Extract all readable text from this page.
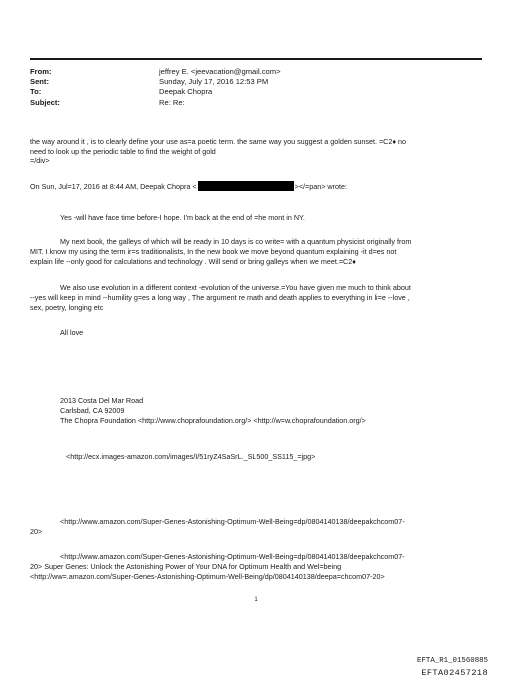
From:	jeffrey E. <jeevacation@gmail.com>
Sent:	Sunday, July 17, 2016 12:53 PM
To:	Deepak Chopra
Subject:	Re: Re:

the way around it , is to clearly define your use as=a poetic term. the same way you suggest a golden sunset. =C2♦ no

need to look up the periodic table to find the weight of gold

=/div>

On Sun, Jul=17, 2016 at 8:44 AM, Deepak Chopra <	></=pan> wrote:

Yes -will have face time before-I hope. I'm back at the end of =he mont in NY.

My next book, the galleys of which will be ready in 10 days is co write= with a quantum physicist originally from

MIT. I know my using the term ir=s traditionalists, In the new book we move beyond quantum explaining -it d=es not

explain life --only good for calculations and technology . Will send or bring galleys when we meet.=C2♦

We also use evolution in a different context -evolution of the universe.=You have given me much to think about

--yes will keep in mind --humility g=es a long way , The argument re math and death applies to everything in li=e --love ,

sex, poetry, longing etc

All love

2013 Costa Del Mar Road

Carlsbad, CA 92009

The Chopra Foundation <http://www.choprafoundation.org/> <http://w=w.choprafoundation.org/>

<http://ecx.images-amazon.com/images/I/51ryZ4SaSrL._SL500_SS115_=jpg>

<http://www.amazon.com/Super-Genes-Astonishing-Optimum-Well-Being=dp/0804140138/deepakchcom07-

20>

<http://www.amazon.com/Super-Genes-Astonishing-Optimum-Well-Being=dp/0804140138/deepakchcom07-

20> Super Genes: Unlock the Astonishing Power of Your DNA for Optimum Health and Wel=being

<http://ww=.amazon.com/Super-Genes-Astonishing-Optimum-Well-Being/dp/0804140138/deepa=chcom07-20>

1
EFTA_R1_01560885
EFTA02457218
